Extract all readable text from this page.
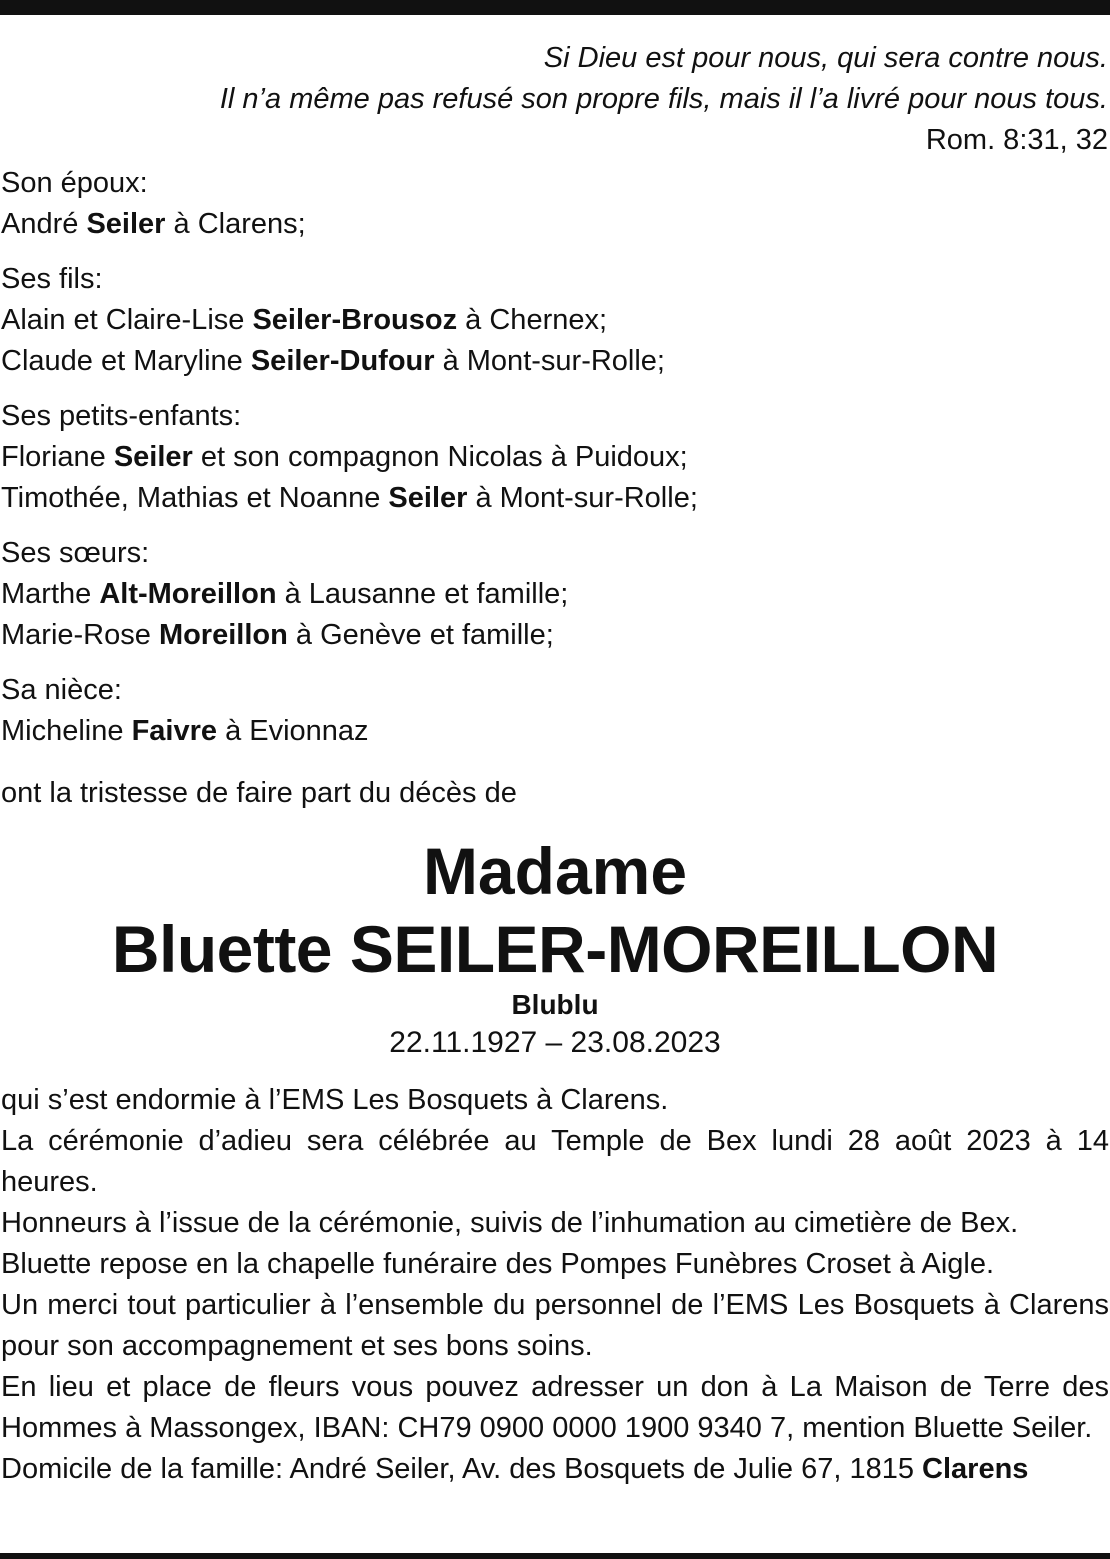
Si Dieu est pour nous, qui sera contre nous.
Il n’a même pas refusé son propre fils, mais il l’a livré pour nous tous.
Rom. 8:31, 32
Son époux:
André Seiler à Clarens;
Ses fils:
Alain et Claire-Lise Seiler-Brousoz à Chernex;
Claude et Maryline Seiler-Dufour à Mont-sur-Rolle;
Ses petits-enfants:
Floriane Seiler et son compagnon Nicolas à Puidoux;
Timothée, Mathias et Noanne Seiler à Mont-sur-Rolle;
Ses sœurs:
Marthe Alt-Moreillon à Lausanne et famille;
Marie-Rose Moreillon à Genève et famille;
Sa nièce:
Micheline Faivre à Evionnaz
ont la tristesse de faire part du décès de
Madame
Bluette SEILER-MOREILLON
Blublu
22.11.1927 – 23.08.2023

qui s’est endormie à l’EMS Les Bosquets à Clarens.

La cérémonie d’adieu sera célébrée au Temple de Bex lundi 28 août 2023 à 14 heures.

Honneurs à l’issue de la cérémonie, suivis de l’inhumation au cimetière de Bex.

Bluette repose en la chapelle funéraire des Pompes Funèbres Croset à Aigle.

Un merci tout particulier à l’ensemble du personnel de l’EMS Les Bosquets à Clarens pour son accompagnement et ses bons soins.

En lieu et place de fleurs vous pouvez adresser un don à La Maison de Terre des Hommes à Massongex, IBAN: CH79 0900 0000 1900 9340 7, mention Bluette Seiler.

Domicile de la famille: André Seiler, Av. des Bosquets de Julie 67, 1815 Clarens
